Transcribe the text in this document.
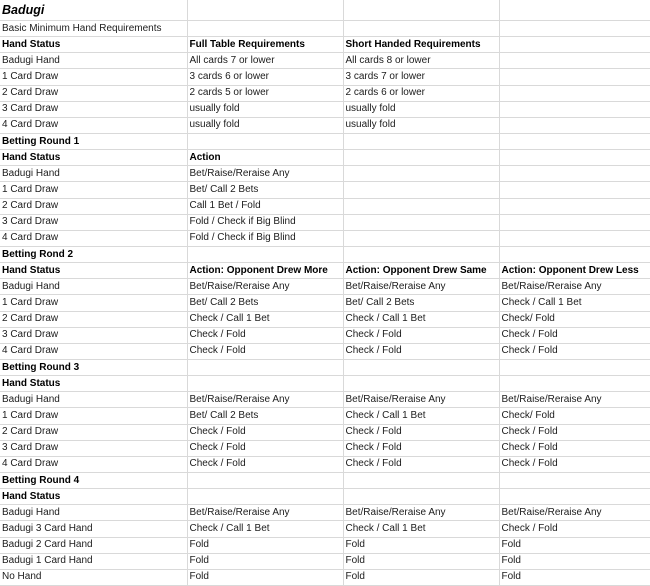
Badugi			
Basic Minimum Hand Requirements			
Hand Status	Full Table Requirements	Short Handed Requirements	
Badugi Hand	All cards 7 or lower	All cards 8 or lower	
1 Card Draw	3 cards 6 or lower	3 cards 7 or lower	
2 Card Draw	2 cards 5 or lower	2 cards 6 or lower	
3 Card Draw	usually fold	usually fold	
4 Card Draw	usually fold	usually fold	
Betting Round 1			
Hand Status	Action		
Badugi Hand	Bet/Raise/Reraise Any		
1 Card Draw	Bet/ Call 2 Bets		
2 Card Draw	Call 1 Bet / Fold		
3 Card Draw	Fold / Check if Big Blind		
4 Card Draw	Fold / Check if Big Blind		
Betting Rond 2			
Hand Status	Action: Opponent Drew More	Action: Opponent Drew Same	Action: Opponent Drew Less
Badugi Hand	Bet/Raise/Reraise Any	Bet/Raise/Reraise Any	Bet/Raise/Reraise Any
1 Card Draw	Bet/ Call 2 Bets	Bet/ Call 2 Bets	Check / Call 1 Bet
2 Card Draw	Check / Call 1 Bet	Check / Call 1 Bet	Check/ Fold
3 Card Draw	Check / Fold	Check / Fold	Check / Fold
4 Card Draw	Check / Fold	Check / Fold	Check / Fold
Betting Round 3			
Hand Status			
Badugi Hand	Bet/Raise/Reraise Any	Bet/Raise/Reraise Any	Bet/Raise/Reraise Any
1 Card Draw	Bet/ Call 2 Bets	Check / Call 1 Bet	Check/ Fold
2 Card Draw	Check / Fold	Check / Fold	Check / Fold
3 Card Draw	Check / Fold	Check / Fold	Check / Fold
4 Card Draw	Check / Fold	Check / Fold	Check / Fold
Betting Round 4			
Hand Status			
Badugi Hand	Bet/Raise/Reraise Any	Bet/Raise/Reraise Any	Bet/Raise/Reraise Any
Badugi 3 Card Hand	Check / Call 1 Bet	Check / Call 1 Bet	Check / Fold
Badugi 2 Card Hand	Fold	Fold	Fold
Badugi 1 Card Hand	Fold	Fold	Fold
No Hand	Fold	Fold	Fold
